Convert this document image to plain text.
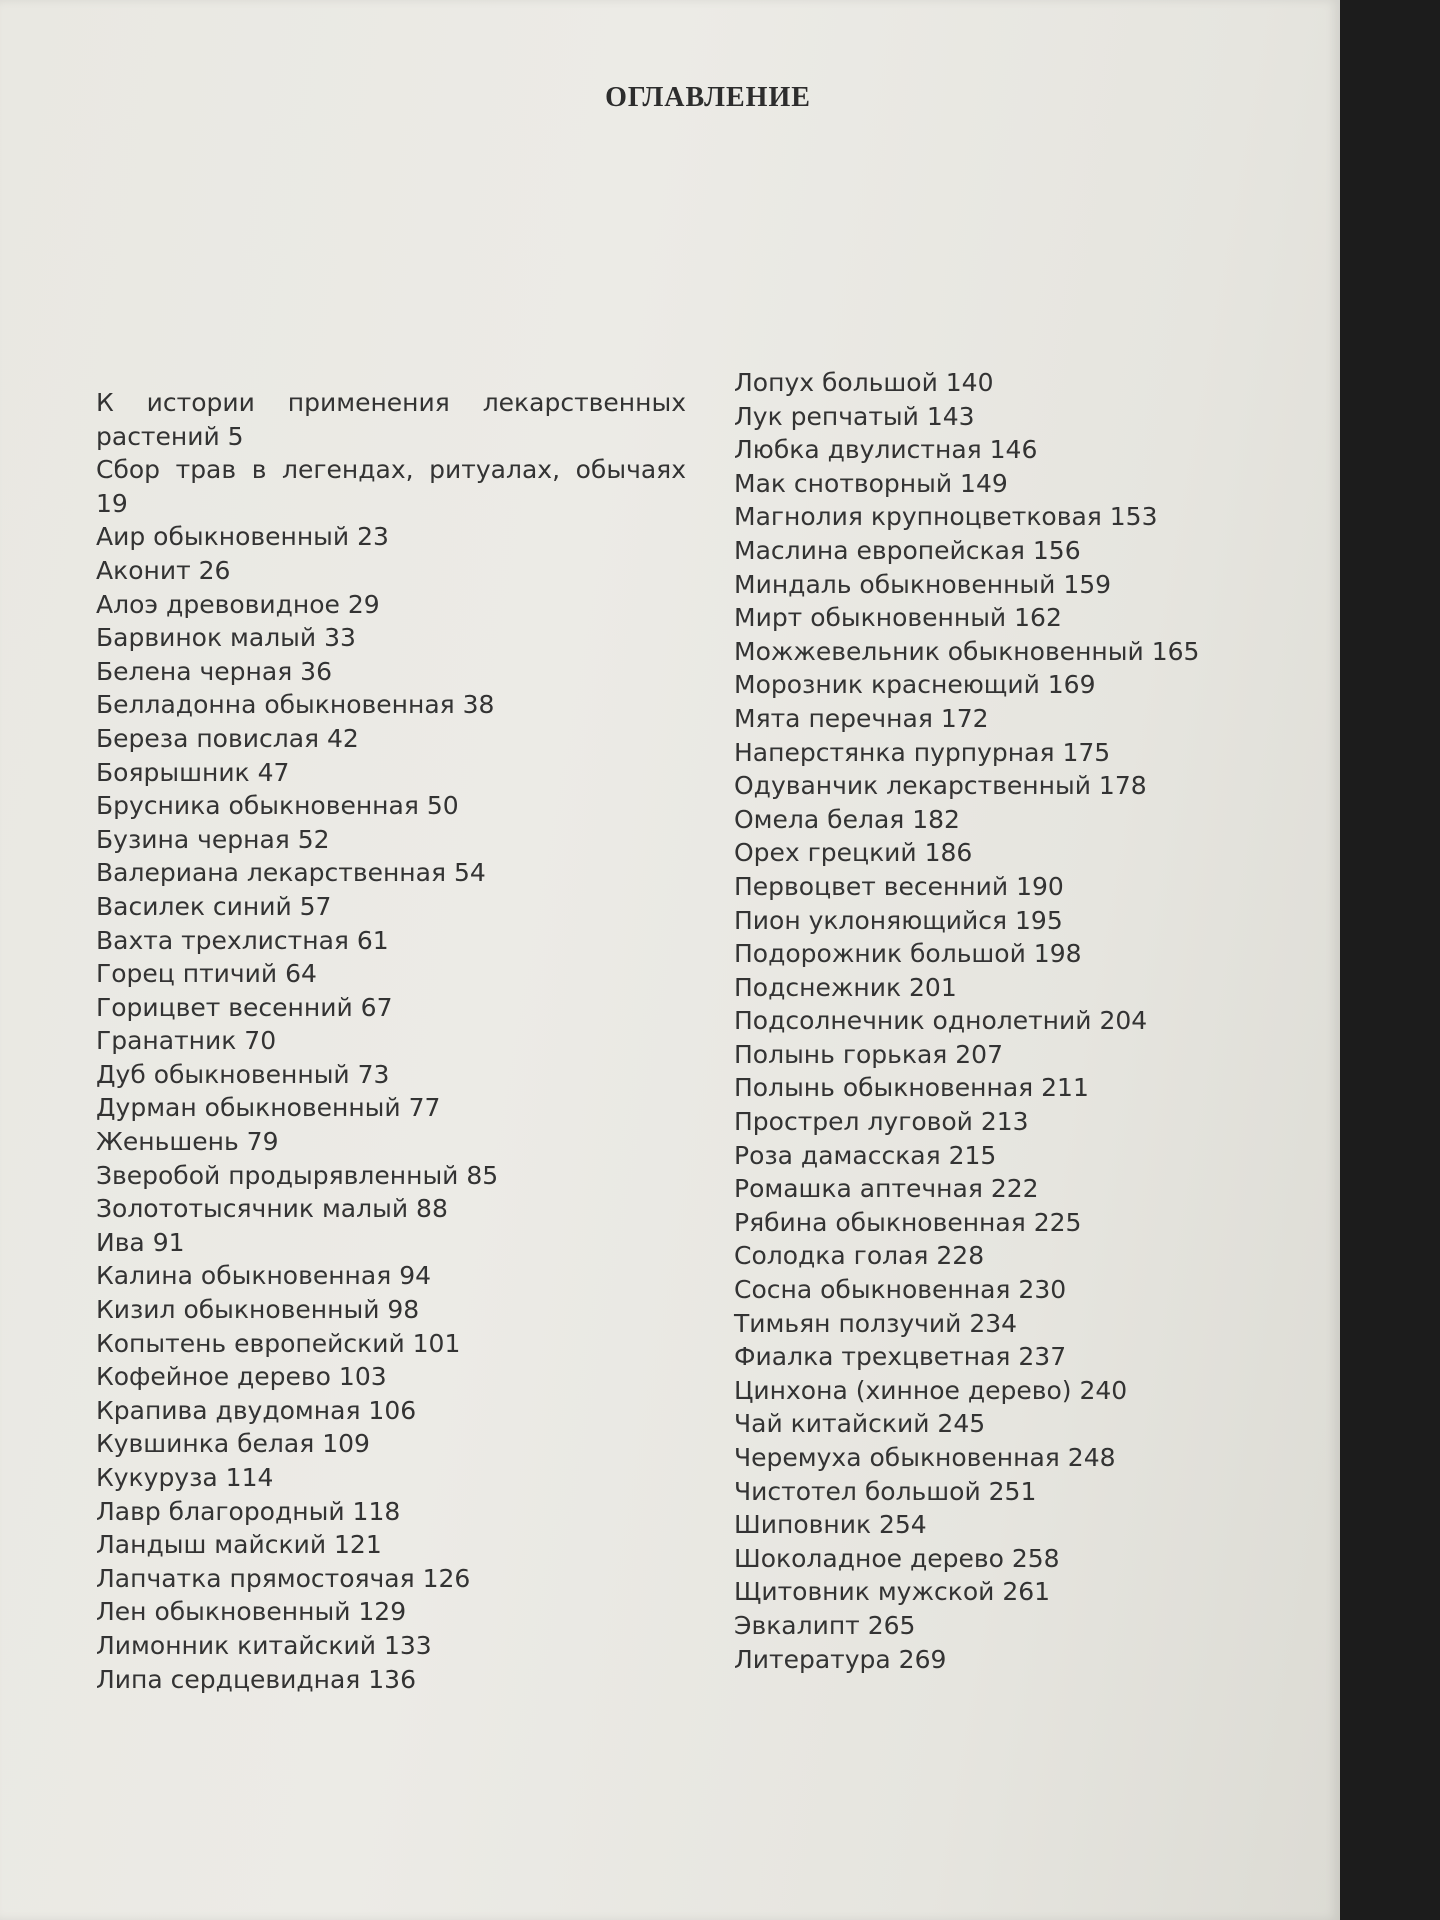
ОГЛАВЛЕНИЕ
К истории применения лекарственных растений 5
Сбор трав в легендах, ритуалах, обычаях 19
Аир обыкновенный 23
Аконит 26
Алоэ древовидное 29
Барвинок малый 33
Белена черная 36
Белладонна обыкновенная 38
Береза повислая 42
Боярышник 47
Брусника обыкновенная 50
Бузина черная 52
Валериана лекарственная 54
Василек синий 57
Вахта трехлистная 61
Горец птичий 64
Горицвет весенний 67
Гранатник 70
Дуб обыкновенный 73
Дурман обыкновенный 77
Женьшень 79
Зверобой продырявленный 85
Золототысячник малый 88
Ива 91
Калина обыкновенная 94
Кизил обыкновенный 98
Копытень европейский 101
Кофейное дерево 103
Крапива двудомная 106
Кувшинка белая 109
Кукуруза 114
Лавр благородный 118
Ландыш майский 121
Лапчатка прямостоячая 126
Лен обыкновенный 129
Лимонник китайский 133
Липа сердцевидная 136
Лопух большой 140
Лук репчатый 143
Любка двулистная 146
Мак снотворный 149
Магнолия крупноцветковая 153
Маслина европейская 156
Миндаль обыкновенный 159
Мирт обыкновенный 162
Можжевельник обыкновенный 165
Морозник краснеющий 169
Мята перечная 172
Наперстянка пурпурная 175
Одуванчик лекарственный 178
Омела белая 182
Орех грецкий 186
Первоцвет весенний 190
Пион уклоняющийся 195
Подорожник большой 198
Подснежник 201
Подсолнечник однолетний 204
Полынь горькая 207
Полынь обыкновенная 211
Прострел луговой 213
Роза дамасская 215
Ромашка аптечная 222
Рябина обыкновенная 225
Солодка голая 228
Сосна обыкновенная 230
Тимьян ползучий 234
Фиалка трехцветная 237
Цинхона (хинное дерево) 240
Чай китайский 245
Черемуха обыкновенная 248
Чистотел большой 251
Шиповник 254
Шоколадное дерево 258
Щитовник мужской 261
Эвкалипт 265
Литература 269
